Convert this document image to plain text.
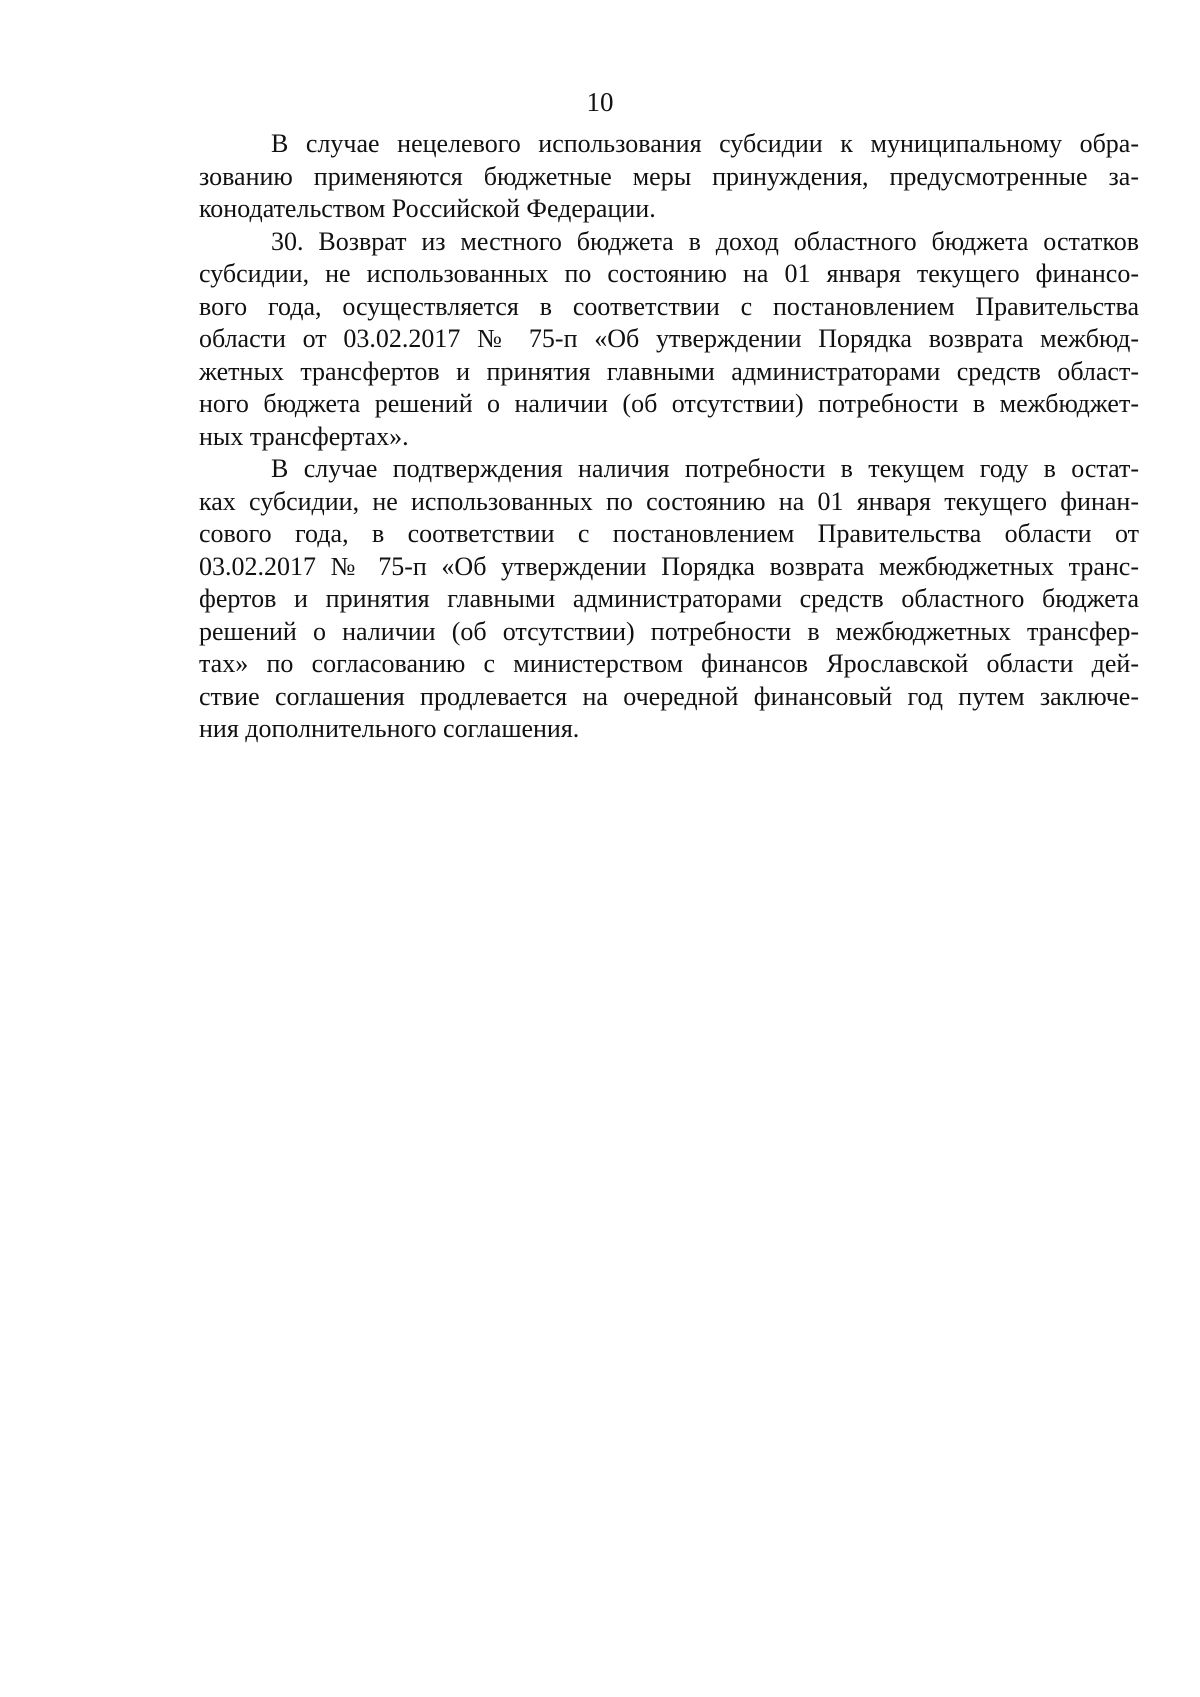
10
В случае нецелевого использования субсидии к муниципальному обра-
зованию применяются бюджетные меры принуждения, предусмотренные за-
конодательством Российской Федерации.
30. Возврат из местного бюджета в доход областного бюджета остатков
субсидии, не использованных по состоянию на 01 января текущего финансо-
вого года, осуществляется в соответствии с постановлением Правительства
области от 03.02.2017 № 75-п «Об утверждении Порядка возврата межбюд-
жетных трансфертов и принятия главными администраторами средств област-
ного бюджета решений о наличии (об отсутствии) потребности в межбюджет-
ных трансфертах».
В случае подтверждения наличия потребности в текущем году в остат-
ках субсидии, не использованных по состоянию на 01 января текущего финан-
сового года, в соответствии с постановлением Правительства области от
03.02.2017 № 75-п «Об утверждении Порядка возврата межбюджетных транс-
фертов и принятия главными администраторами средств областного бюджета
решений о наличии (об отсутствии) потребности в межбюджетных трансфер-
тах» по согласованию с министерством финансов Ярославской области дей-
ствие соглашения продлевается на очередной финансовый год путем заключе-
ния дополнительного соглашения.
